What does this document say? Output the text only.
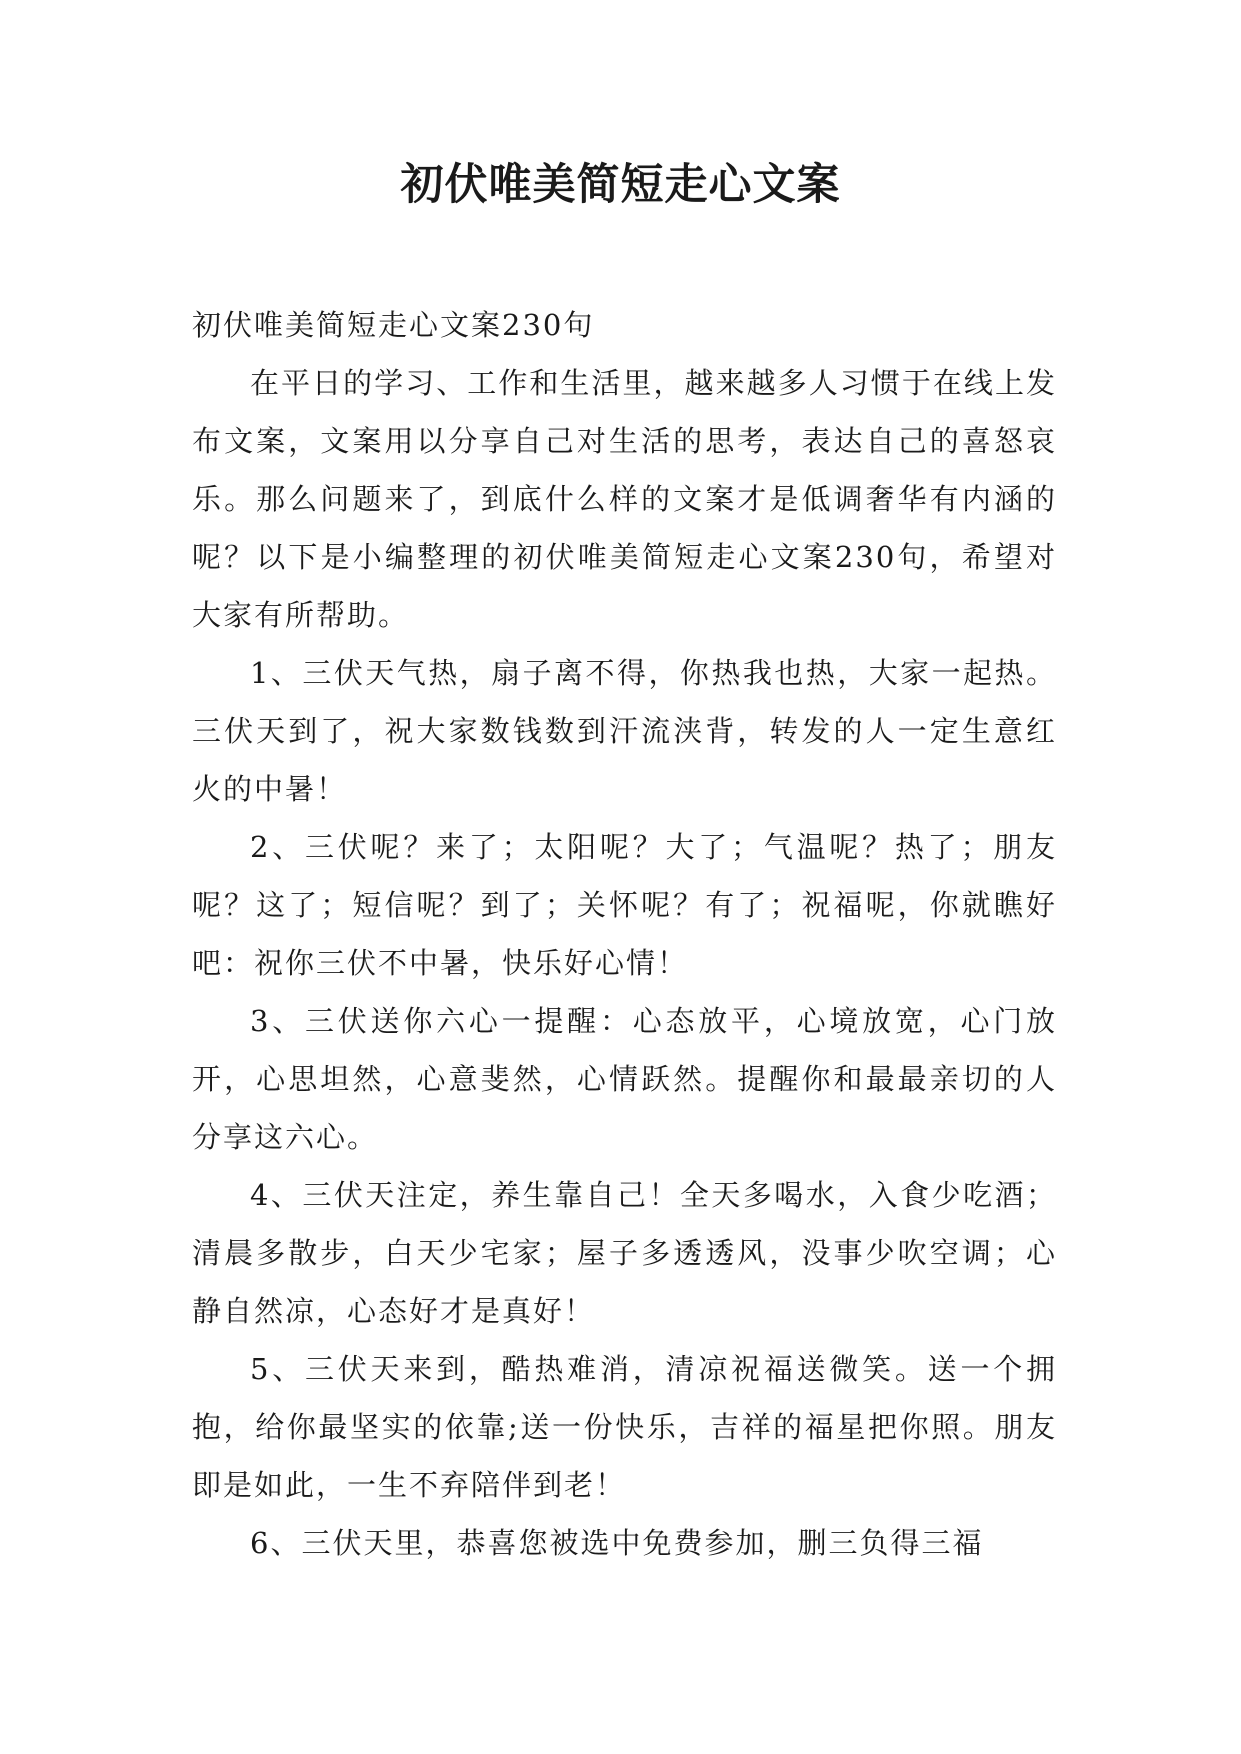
初伏唯美简短走心文案

初伏唯美简短走心文案230句

在平日的学习、工作和生活里，越来越多人习惯于在线上发布文案，文案用以分享自己对生活的思考，表达自己的喜怒哀乐。那么问题来了，到底什么样的文案才是低调奢华有内涵的呢？以下是小编整理的初伏唯美简短走心文案230句，希望对大家有所帮助。

1、三伏天气热，扇子离不得，你热我也热，大家一起热。三伏天到了，祝大家数钱数到汗流浃背，转发的人一定生意红火的中暑！

2、三伏呢？来了；太阳呢？大了；气温呢？热了；朋友呢？这了；短信呢？到了；关怀呢？有了；祝福呢，你就瞧好吧：祝你三伏不中暑，快乐好心情！

3、三伏送你六心一提醒：心态放平，心境放宽，心门放开，心思坦然，心意斐然，心情跃然。提醒你和最最亲切的人分享这六心。

4、三伏天注定，养生靠自己！全天多喝水，入食少吃酒；清晨多散步，白天少宅家；屋子多透透风，没事少吹空调；心静自然凉，心态好才是真好！

5、三伏天来到，酷热难消，清凉祝福送微笑。送一个拥抱，给你最坚实的依靠;送一份快乐，吉祥的福星把你照。朋友即是如此，一生不弃陪伴到老！

6、三伏天里，恭喜您被选中免费参加，删三负得三福
